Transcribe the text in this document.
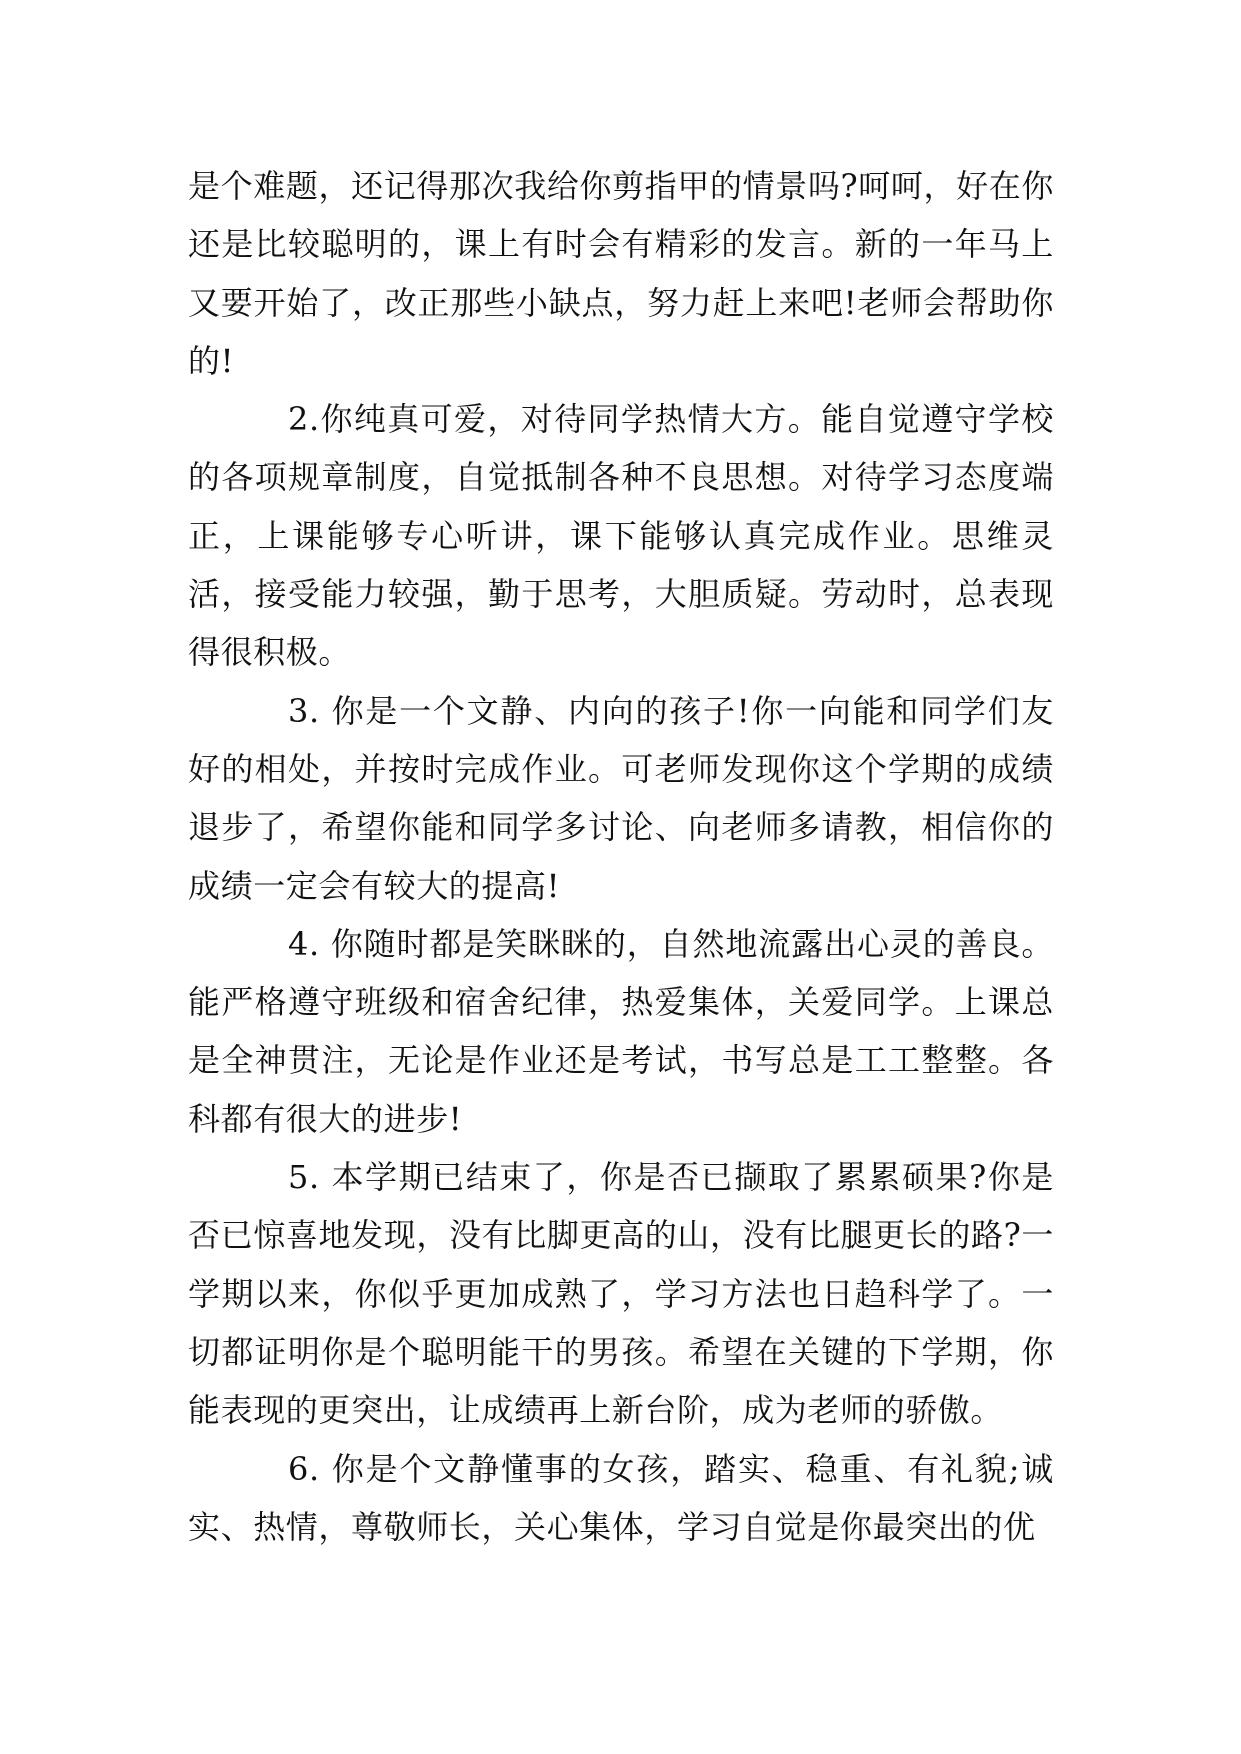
是个难题，还记得那次我给你剪指甲的情景吗?呵呵，好在你还是比较聪明的，课上有时会有精彩的发言。新的一年马上又要开始了，改正那些小缺点，努力赶上来吧!老师会帮助你的!

2.你纯真可爱，对待同学热情大方。能自觉遵守学校的各项规章制度，自觉抵制各种不良思想。对待学习态度端正，上课能够专心听讲，课下能够认真完成作业。思维灵活，接受能力较强，勤于思考，大胆质疑。劳动时，总表现得很积极。

3. 你是一个文静、内向的孩子!你一向能和同学们友好的相处，并按时完成作业。可老师发现你这个学期的成绩退步了，希望你能和同学多讨论、向老师多请教，相信你的成绩一定会有较大的提高!

4. 你随时都是笑眯眯的，自然地流露出心灵的善良。能严格遵守班级和宿舍纪律，热爱集体，关爱同学。上课总是全神贯注，无论是作业还是考试，书写总是工工整整。各科都有很大的进步!

5. 本学期已结束了，你是否已撷取了累累硕果?你是否已惊喜地发现，没有比脚更高的山，没有比腿更长的路?一学期以来，你似乎更加成熟了，学习方法也日趋科学了。一切都证明你是个聪明能干的男孩。希望在关键的下学期，你能表现的更突出，让成绩再上新台阶，成为老师的骄傲。

6. 你是个文静懂事的女孩，踏实、稳重、有礼貌;诚实、热情，尊敬师长，关心集体，学习自觉是你最突出的优
